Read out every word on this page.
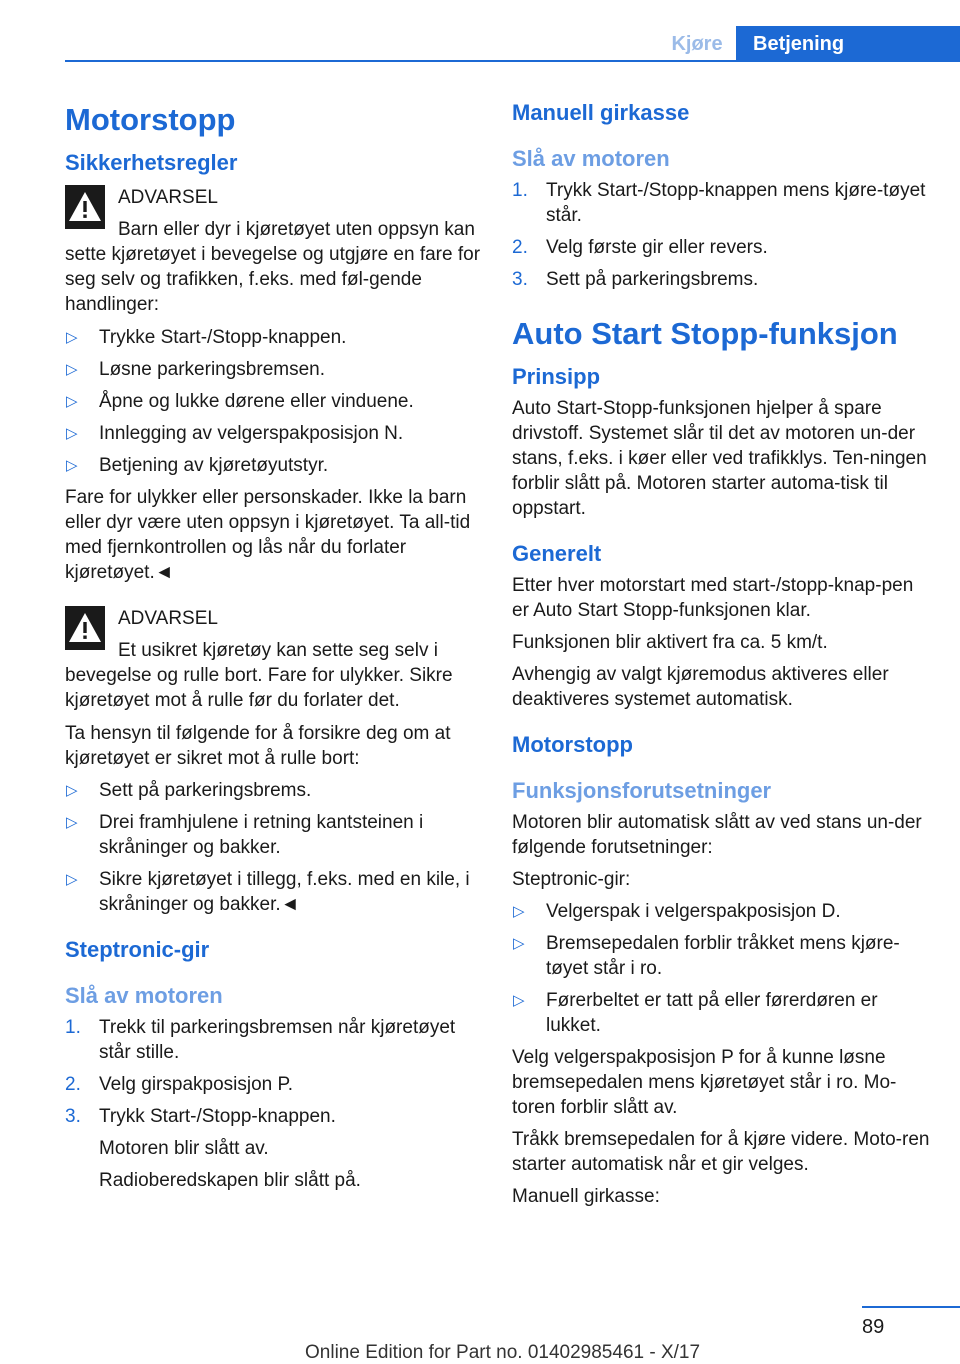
Kjøre	Betjening
Motorstopp
Sikkerhetsregler
ADVARSEL
Barn eller dyr i kjøretøyet uten oppsyn kan sette kjøretøyet i bevegelse og utgjøre en fare for seg selv og trafikken, f.eks. med føl-gende handlinger:
▷ Trykke Start-/Stopp-knappen.
▷ Løsne parkeringsbremsen.
▷ Åpne og lukke dørene eller vinduene.
▷ Innlegging av velgerspakposisjon N.
▷ Betjening av kjøretøyutstyr.

Fare for ulykker eller personskader. Ikke la barn eller dyr være uten oppsyn i kjøretøyet. Ta all-tid med fjernkontrollen og lås når du forlater kjøretøyet.◄

ADVARSEL
Et usikret kjøretøy kan sette seg selv i bevegelse og rulle bort. Fare for ulykker. Sikre kjøretøyet mot å rulle før du forlater det.

Ta hensyn til følgende for å forsikre deg om at kjøretøyet er sikret mot å rulle bort:

▷ Sett på parkeringsbrems.
▷ Drei framhjulene i retning kantsteinen i skråninger og bakker.
▷ Sikre kjøretøyet i tillegg, f.eks. med en kile, i skråninger og bakker.◄
Steptronic-gir
Slå av motoren
1. Trekk til parkeringsbremsen når kjøretøyet står stille.
2. Velg girspakposisjon P.
3. Trykk Start-/Stopp-knappen.
Motoren blir slått av.
Radioberedskapen blir slått på.
Manuell girkasse
Slå av motoren
1. Trykk Start-/Stopp-knappen mens kjøre-tøyet står.
2. Velg første gir eller revers.
3. Sett på parkeringsbrems.
Auto Start Stopp-funksjon
Prinsipp

Auto Start-Stopp-funksjonen hjelper å spare drivstoff. Systemet slår til det av motoren un-der stans, f.eks. i køer eller ved trafikklys. Ten-ningen forblir slått på. Motoren starter automa-tisk til oppstart.

Generelt

Etter hver motorstart med start-/stopp-knap-pen er Auto Start Stopp-funksjonen klar.

Funksjonen blir aktivert fra ca. 5 km/t.

Avhengig av valgt kjøremodus aktiveres eller deaktiveres systemet automatisk.

Motorstopp
Funksjonsforutsetninger

Motoren blir automatisk slått av ved stans un-der følgende forutsetninger:

Steptronic-gir:

▷ Velgerspak i velgerspakposisjon D.
▷ Bremsepedalen forblir tråkket mens kjøre-tøyet står i ro.
▷ Førerbeltet er tatt på eller førerdøren er lukket.

Velg velgerspakposisjon P for å kunne løsne bremsepedalen mens kjøretøyet står i ro. Mo-toren forblir slått av.

Tråkk bremsepedalen for å kjøre videre. Moto-ren starter automatisk når et gir velges.

Manuell girkasse:

89
Online Edition for Part no. 01402985461 - X/17
